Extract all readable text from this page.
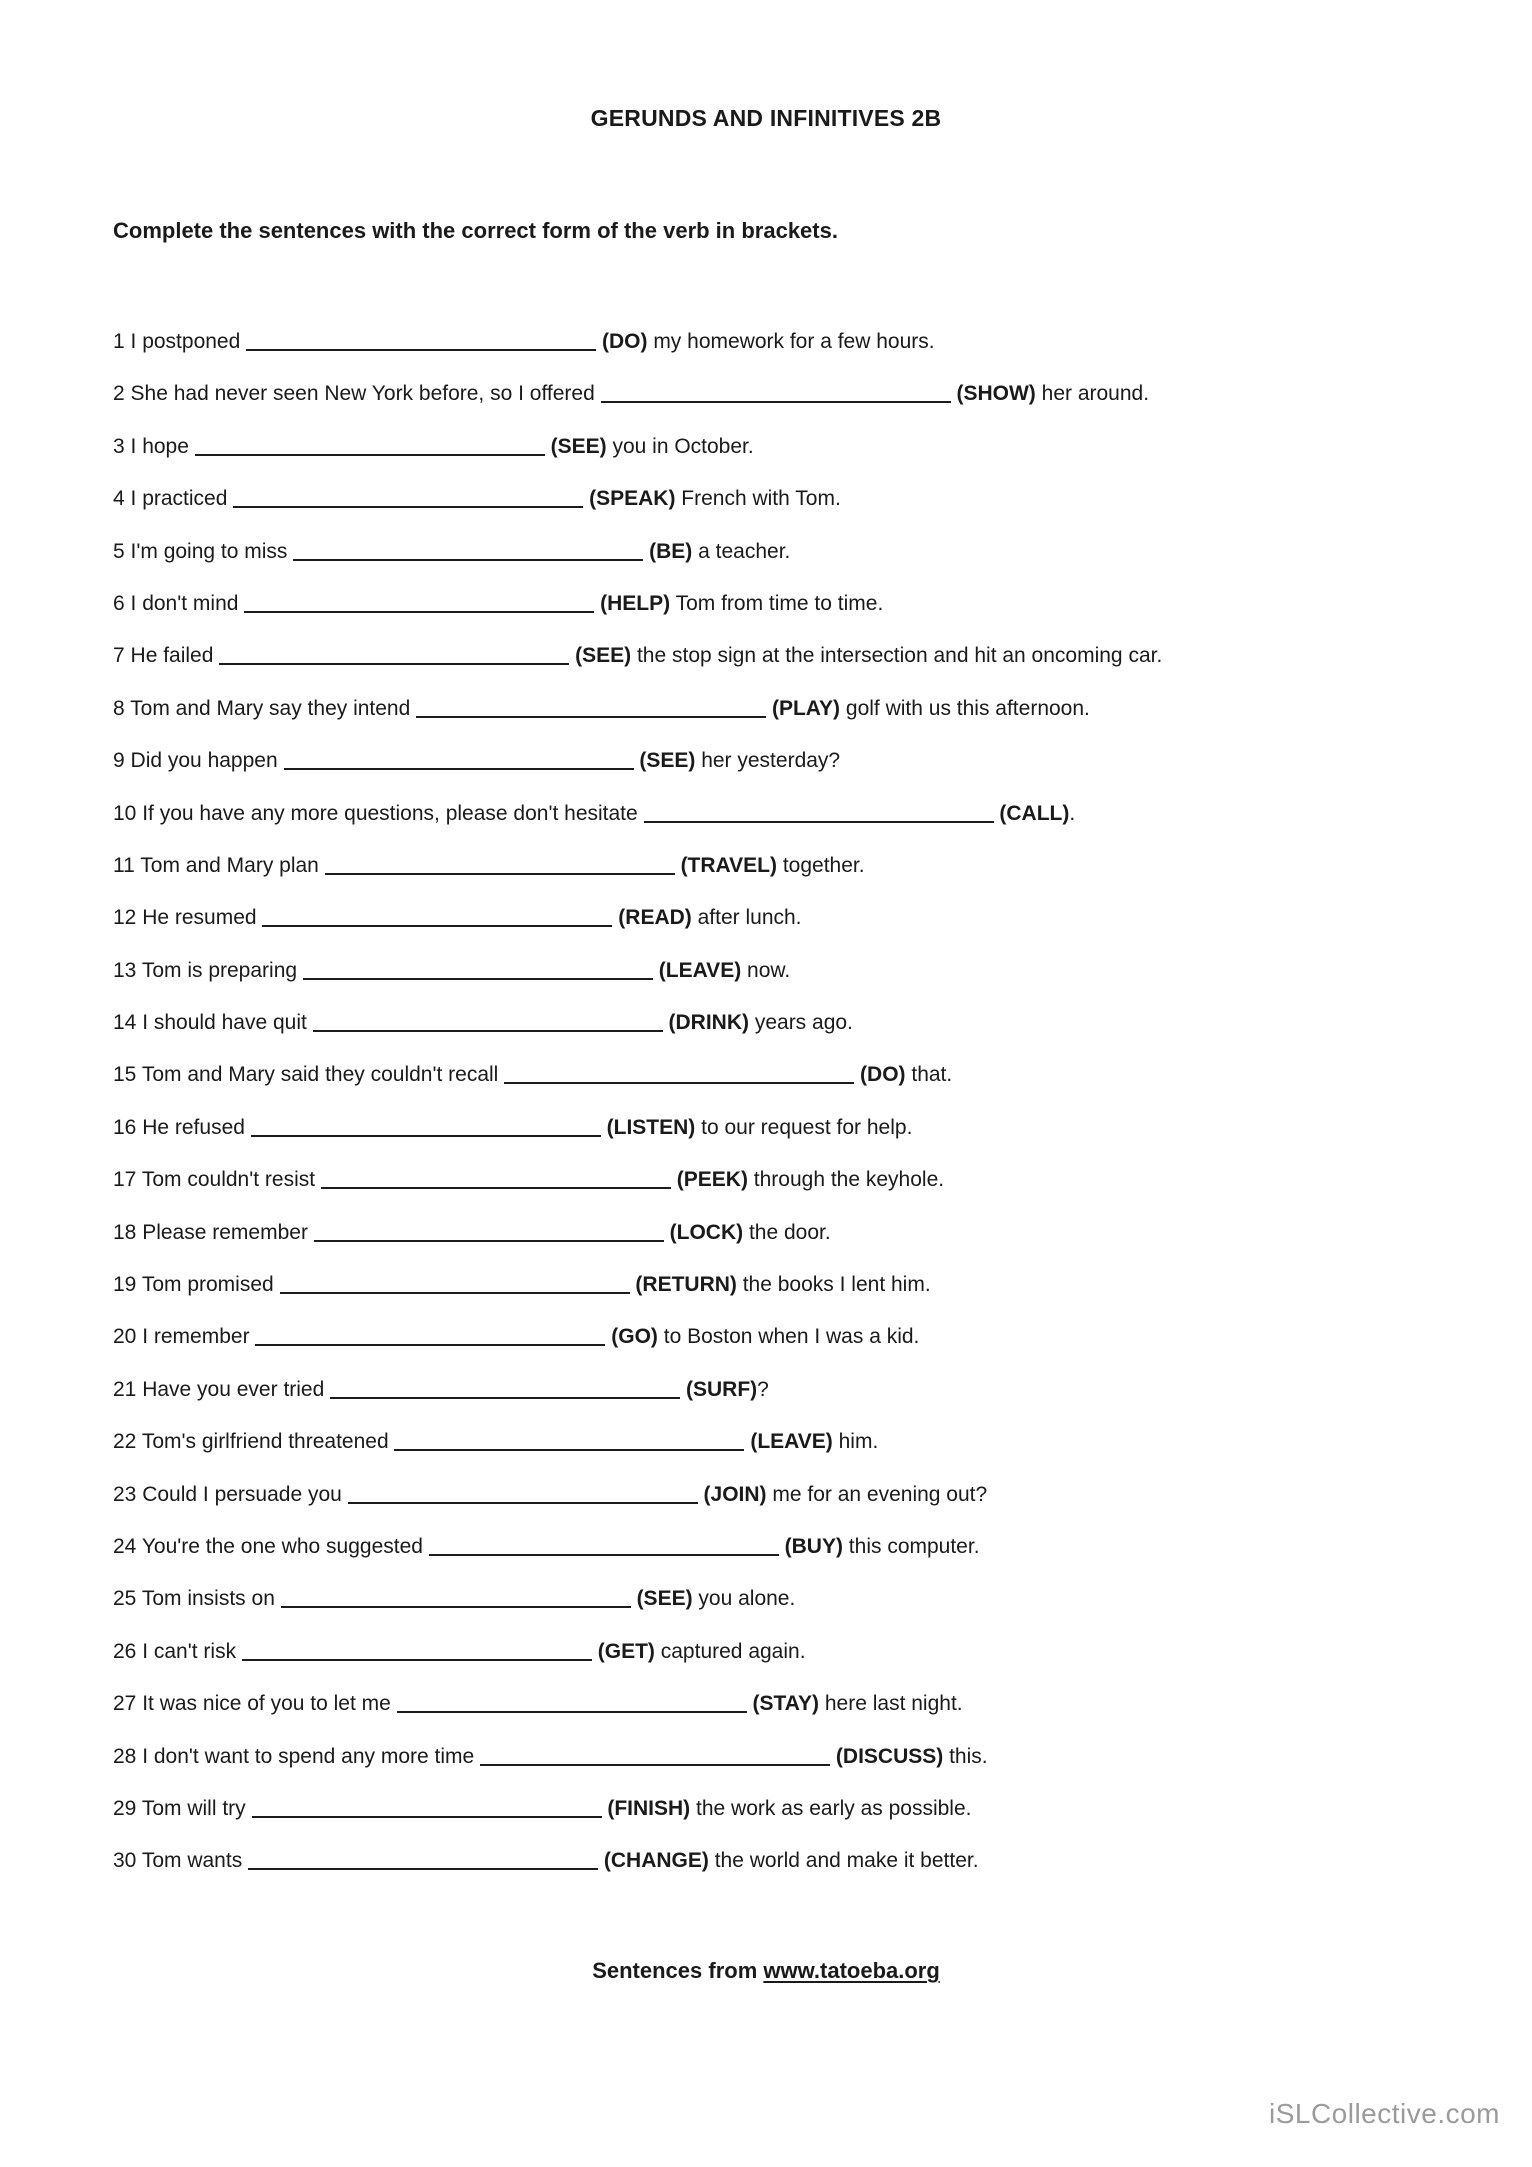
GERUNDS AND INFINITIVES 2B
Complete the sentences with the correct form of the verb in brackets.
1 I postponed	(DO) my homework for a few hours.
2 She had never seen New York before, so I offered	(SHOW) her around.
3 I hope	(SEE) you in October.
4 I practiced	(SPEAK) French with Tom.
5 I'm going to miss	(BE) a teacher.
6 I don't mind	(HELP) Tom from time to time.
7 He failed	(SEE) the stop sign at the intersection and hit an oncoming car.
8 Tom and Mary say they intend	(PLAY) golf with us this afternoon.
9 Did you happen	(SEE) her yesterday?
10 If you have any more questions, please don't hesitate	(CALL).
11 Tom and Mary plan	(TRAVEL) together.
12 He resumed	(READ) after lunch.
13 Tom is preparing	(LEAVE) now.
14 I should have quit	(DRINK) years ago.
15 Tom and Mary said they couldn't recall	(DO) that.
16 He refused	(LISTEN) to our request for help.
17 Tom couldn't resist	(PEEK) through the keyhole.
18 Please remember	(LOCK) the door.
19 Tom promised	(RETURN) the books I lent him.
20 I remember	(GO) to Boston when I was a kid.
21 Have you ever tried	(SURF)?
22 Tom's girlfriend threatened	(LEAVE) him.
23 Could I persuade you	(JOIN) me for an evening out?
24 You're the one who suggested	(BUY) this computer.
25 Tom insists on	(SEE) you alone.
26 I can't risk	(GET) captured again.
27 It was nice of you to let me	(STAY) here last night.
28 I don't want to spend any more time	(DISCUSS) this.
29 Tom will try	(FINISH) the work as early as possible.
30 Tom wants	(CHANGE) the world and make it better.
Sentences from www.tatoeba.org
iSLCollective.com
